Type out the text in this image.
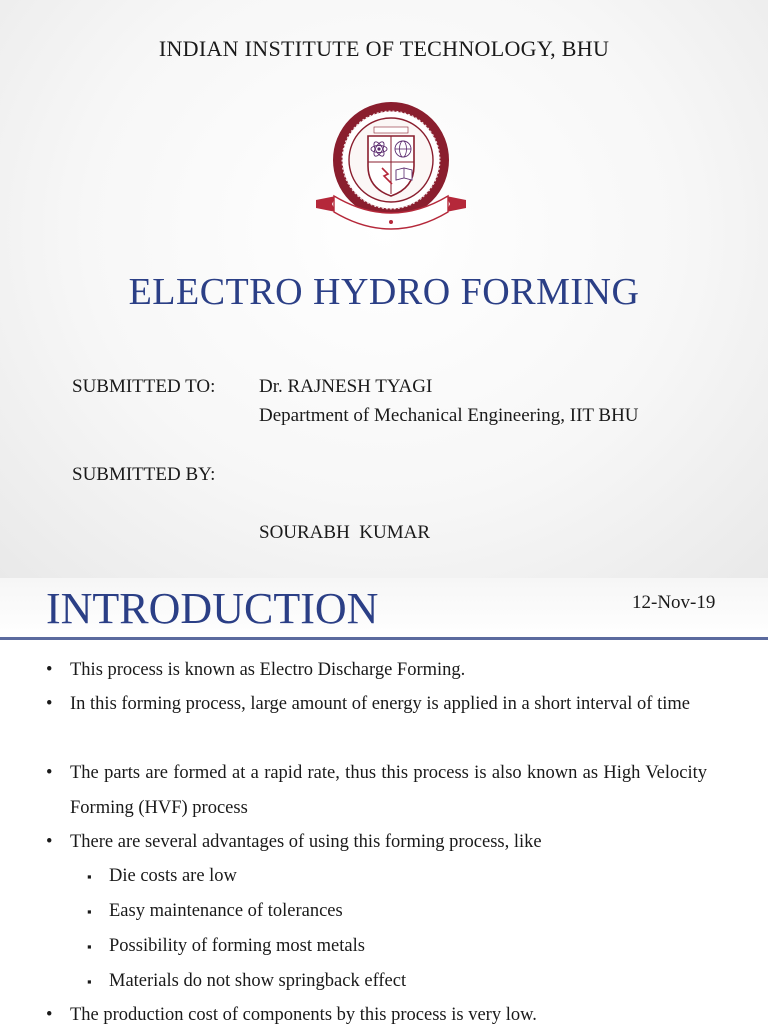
INDIAN INSTITUTE OF TECHNOLOGY, BHU
ELECTRO HYDRO FORMING
SUBMITTED TO: Dr. RAJNESH TYAGI
Department of Mechanical Engineering, IIT BHU
SUBMITTED BY:

SOURABH  KUMAR

INTRODUCTION	12-Nov-19
• This process is known as Electro Discharge Forming.
• In this forming process, large amount of energy is applied in a short interval of time
• The parts are formed at a rapid rate, thus this process is also known as High Velocity Forming (HVF) process
• There are several advantages of using this forming process, like
▪ Die costs are low
▪ Easy maintenance of tolerances
▪ Possibility of forming most metals
▪ Materials do not show springback effect
• The production cost of components by this process is very low.
